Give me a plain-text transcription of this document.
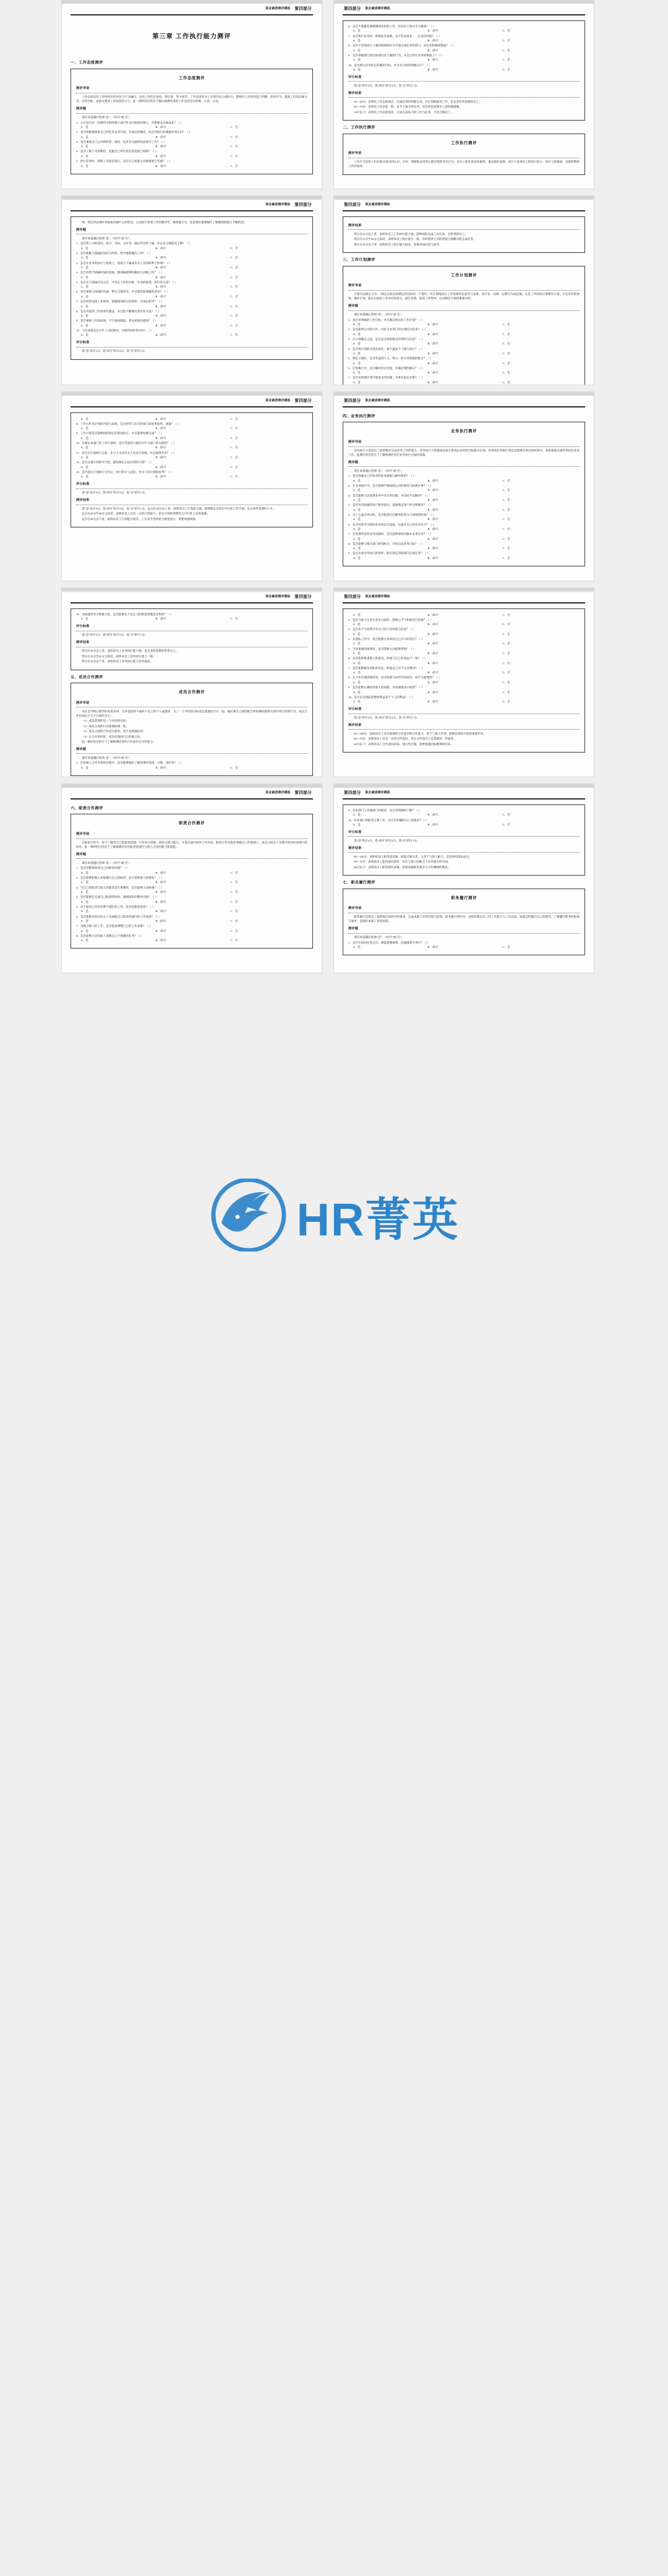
第四部分
职业素质测评模板
第三章 工作执行能力测评
一、工作态度测评
工作态度测评
测评导语

工作态度是对工作所持有的评价与行为倾向，包括工作的认真度、责任度、努力度等。工作态度作为工作的内在心理动力，影响对工作的知觉与判断、促进学习、提高工作的忍耐力等。这些功能，直接关系到工作绩效的大小。此一测评的目的在于确认被测评者的工作态度是否积极、认真、主动。

测评题

请在每道题后选择“是”、“尚可”或“否”。

1．心中是否有一位期待中的经理人或可作为目标的经理人，并想要充实地成长？（ ）

A．是	B．尚可	C．否

2．是否积极地探索自己的任务及其内容，并加以明确化，而且对执行的课题有所认识？（ ）

A．是	B．尚可	C．否

3．是否重视自己公司的经营、销售、技术等方面特性而展开工作？（ ）

A．是	B．尚可	C．否

4．是否了解上司的期待，把握自己所负责任的范围与权限？（ ）

A．是	B．尚可	C．否

5．执行任务时，即使上司没有指示，是否自己也能主动地推展与考核？（ ）

A．是	B．尚可	C．否
第四部分	职业素质测评模板

6．是否不逃避充满难题或负担的工作，反而以干劲并全力挑战？（ ）

A．是	B．尚可	C．否

7．是否执行任务时，即使发生困难，也不轻易放弃，一定坚持到底？（ ）

A．是	B．尚可	C．否

8．是否不会把执行上遇到的障碍作为不能完成任务的借口，而且有积极的想法？（ ）

A．是	B．尚可	C．否

9．是否掌握部门的实际情况及下属的行为，并且应用在业务的推展上？（ ）

A．是	B．尚可	C．否

10．是否建立任务执行的确切目标，并且有计划持续地实行？（ ）

A．是	B．尚可	C．否
评分标准

选“是”的计3分，选“尚可”的计2分，选“否”的计1分。

测评结果

26～30分：表明其工作态度端正，完成任务时积极主动，有计划地推进工作，是企业非常需要的员工。

45～70分：表明其工作态度一般，多半上属交待任务，但有时也需要有人适时地提醒。

10分以下：表明其工作态度很差，无法完成每天的工作与任务，不适合做员工。

二、工作执行测评
工作执行测评
测评导语

工作行为是将人们对职业意识的认识、评价、情感和态度等心理过程的外化行为，是员工职业意识的最终、最直接的表现。执行力是指员工的执行能力。执行力的强弱，直接影响到工作的成效。

第四部分
职业素质测评模板

颂，则无所表现时该说或该做什么时的话，主动进行各项工作的教评学，修改量行为，也是我们要理解许了解教授的能力予解的的。

测评题

请在每道题后选择“是”、“尚可”或“否”。

1．是否将上司的意向、指示、目标、方针等，确实传达给下属，并且充分地使其了解？（ ）

A．是	B．尚可	C．否

2．是否能配合部属的知识与经验，给予他想做的工作？（ ）

A．是	B．尚可	C．否

3．是否在业务的执行与进展上，重视与下属或有关人员的联系与协调？（ ）

A．是	B．尚可	C．否

4．是否有给予部属时间的宽裕，使部属能够积极而主动地工作？（ ）

A．是	B．尚可	C．否

5．是否在与部属讨论之后，才决定工作的分配、作业的标准、执行的方法？（ ）

A．是	B．尚可	C．否

6．是否重视与部属的沟通、相互交换意见，并且能听取部属的意见？（ ）

A．是	B．尚可	C．否

7．是否经常巡视工作现场，掌握现场的实际情形，并加以指导？（ ）

A．是	B．尚可	C．否

8．是否有提高工作效率的想法，并且能不断地改善作业方法？（ ）

A．是	B．尚可	C．否

9．是否重视工作的品质，不只重视数量，也注重质的提高？（ ）

A．是	B．尚可	C．否

10．工作成果是否合乎上司的期待，并能得到好的评价？（ ）

A．是	B．尚可	C．否
评分标准

选“是”的计3分，选“尚可”的计2分，选“否”的计1分。

第四部分	职业素质测评模板
测评结果

得分在25分以上者，表明该员工工作执行能力强，能够按时完成工作任务，是优秀的员工。

得分在15分至25分之间者，表明该员工执行能力一般，有时需要上司的督促与提醒才能完成任务。

得分在15分以下者，表明该员工执行能力很差，需要多加培训与指导。

三、工作计划测评
工作计划测评
测评导语

计划可以被定义为：“制定目标及预测达到目标的一个程序。”有计划地执行工作需要事先思考与安排，而不是一边做一边想行为或是做。凡是工作的执行都要有计划，才会有好的效果。做好计划，能在后面的工作中有的放矢，减少差错，提高工作效率，这是制定计划的重要目的。

测评题

请在每道题后选择“是”、“尚可”或“否”。

1．是否有明确的工作目标，并且制定相应的工作计划？（ ）

A．是	B．尚可	C．否

2．是否能将公司的方针、目标与本部门的计划结合起来？（ ）

A．是	B．尚可	C．否

3．在计划制定之前，是否充分收集相关的资料与信息？（ ）

A．是	B．尚可	C．否

4．是否将计划的内容具体化，使下属易于了解与执行？（ ）

A．是	B．尚可	C．否

5．制定计划时，是否考虑到人力、物力、财力等资源的配合？（ ）

A．是	B．尚可	C．否

6．计划执行中，是否随时检讨进度，并做必要的修正？（ ）

A．是	B．尚可	C．否

7．是否有预期计划可能发生的问题，并事先拟定对策？（ ）

A．是	B．尚可	C．否
第四部分
职业素质测评模板
A．是	B．尚可	C．否

8．工作方针及计划的内容与成果，是否经常与有关的部门和同事连络、商量？（ ）

A．是	B．尚可	C．否

9．工作计划是否能够按照预定的进度执行，并且能够如期完成？（ ）

A．是	B．尚可	C．否

10．在制定本部门的工作计划时，是否考虑到上级的方针与部门的关联性？（ ）

A．是	B．尚可	C．否

11．是否在计划执行之前，先与上司及有关人员充分沟通，并且取得共识？（ ）

A．是	B．尚可	C．否

12．是否注重计划的可行性，避免制定无法实现的计划？（ ）

A．是	B．尚可	C．否

13．是否能在计划执行完毕后，进行检讨与总结，作为下次计划的参考？（ ）

A．是	B．尚可	C．否
评分标准

选“是”的计3分，选“尚可”的计2分，选“否”的计1分。

测评结果

选“是”的计3分，选“尚可”的计2分，选“否”的计1分。总分在30分以上者，表明该员工计划能力强，能够制定出切实可行的工作计划，是企业所需要的人才。

总分在20分至30分之间者，表明该员工具有一定的计划能力，但在计划的周密性与可行性上还需加强。

总分在20分以下者，表明该员工计划能力较差，工作多半凭经验与感觉进行，需要加强训练。

第四部分	职业素质测评模板
四、业务执行测评
业务执行测评
测评导语

业务执行力是指员工按照要求完成业务工作的能力。业务执行力的强弱直接关系到企业经营目标能否实现。优秀的业务执行者总是能够在规定的时间内，高质量地完成所承担的业务工作。此测评的目的在于了解被测评者在业务执行方面的表现。

测评题

请在每道题后选择“是”、“尚可”或“否”。

1．是否熟悉自己所负责的业务流程与操作规范？（ ）

A．是	B．尚可	C．否

2．在业务执行中，是否能够严格按照公司的制度与标准办事？（ ）

A．是	B．尚可	C．否

3．是否能够主动发现业务中存在的问题，并及时予以解决？（ ）

A．是	B．尚可	C．否

4．是否具有较强的客户服务意识，能够满足客户的合理要求？（ ）

A．是	B．尚可	C．否

5．为了完成业务目标，是否愿意付出额外的努力与加班的时间？（ ）

A．是	B．尚可	C．否

6．是否经常学习新的业务知识与技能，以提升自己的业务水平？（ ）

A．是	B．尚可	C．否

7．在处理突发的业务问题时，是否能够保持冷静并妥善应对？（ ）

A．是	B．尚可	C．否

8．是否能够与相关部门密切配合，共同完成业务目标？（ ）

A．是	B．尚可	C．否

9．是否注重业务执行的效率，能在规定的时间内完成任务？（ ）

A．是	B．尚可	C．否
第四部分
职业素质测评模板

10．为加强营业力和最小化，是否能够在不良压力的防范措施是怎样的？（ ）

A．是	B．尚可	C．否
评分标准

选“是”的计3分，选“尚可”的计2分，选“否”的计1分。

测评结果

得分在25分以上者，表明该员工业务执行能力强，是企业所需要的优秀员工。

得分在15分至25分之间者，表明该员工业务执行能力一般。

得分在15分以下者，表明该员工业务执行能力有待提高。

五、成员合作测评
成员合作测评
测评导语

从社会学和心理学的角度来讲，合作是指两个或两个以上的个人或群体，为了一个共同的目标而自愿地结合在一起，通过相互之间的配合和协调而最终达到共同目的的行为。成员合作包括以下几个方面的含义：

（1）成员需要的是一个共同的目标；

（2）成员之间的行动需要协调一致；

（3）成员之间的合作是自愿的，而不是被强迫的；

（4）在合作的同时，成员应保持自己的独立性。

此一测评的目的在于了解被测评者的合作意识与合作能力。

测评题

请在每道题后选择“是”、“尚可”或“否”。

1．在和他人合作共事的过程中，是否能够做好了解同事的性格、习惯、喜好等？（ ）

A．是	B．尚可	C．否
第四部分	职业素质测评模板
A．是	B．尚可	C．否

2．是否与他人在发生意见分歧时，能够心平气和地进行沟通？（ ）

A．是	B．尚可	C．否

3．是否乐于与同事分享自己的工作经验与信息？（ ）

A．是	B．尚可	C．否

4．在团队工作中，是否能够主动承担自己应尽的责任？（ ）

A．是	B．尚可	C．否

5．当同事遇到困难时，是否能够主动提供帮助？（ ）

A．是	B．尚可	C．否

6．是否能够尊重他人的意见，即使与自己的看法不一致？（ ）

A．是	B．尚可	C．否

7．是否能够服从团队的决定，即使自己并不完全赞同？（ ）

A．是	B．尚可	C．否

8．在合作中遇到挫折时，是否能够与同伴共同面对，而不互相埋怨？（ ）

A．是	B．尚可	C．否

9．是否能够正确看待他人的成绩，并真诚地表示祝贺？（ ）

A．是	B．尚可	C．否

10．是否认为团队的整体利益高于个人的利益？（ ）

A．是	B．尚可	C．否
评分标准

选“是”的计3分，选“尚可”的计2分，选“否”的计1分。

测评结果

80～100分：表明该员工具有很强的合作意识和合作能力，善于与他人共事，能够在团队中发挥重要作用。

60～79分：表明该员工具有一定的合作意识，但在合作技巧上还需要进一步提高。

60分以下：表明该员工合作意识较弱，独立性过强，需要加强团队精神的培养。

第四部分
职业素质测评模板
六、职责合作测评
职责合作测评
测评导语

在职责合作中，每个人都有自己的职责范围，只有各司其职，同时又相互配合，才能完成共同的工作目标。职责合作是指在明确分工的基础上，成员之间为了实现共同目标而进行的协作。此一测评的目的在于了解被测评者在职责范围内与他人合作的能力和意愿。

测评题

请在每道题后选择“是”、“尚可”或“否”。

1．是否清楚地知道自己的职责范围？（ ）

A．是	B．尚可	C．否

2．是否能够积极主动地履行自己的职责，而不需要他人的督促？（ ）

A．是	B．尚可	C．否

3．当自己的职责与他人的职责发生重叠时，是否能够主动协调？（ ）

A．是	B．尚可	C．否

4．是否能够在完成自己职责的同时，兼顾团队的整体目标？（ ）

A．是	B．尚可	C．否

5．对于职责之外但有利于团队的工作，是否也愿意承担？（ ）

A．是	B．尚可	C．否

6．是否能够及时向有关人员通报自己职责范围内的工作进展？（ ）

A．是	B．尚可	C．否

7．为配合他人的工作，是否愿意调整自己的工作安排？（ ）

A．是	B．尚可	C．否

8．是否能够主动向他人请教自己不熟悉的业务？（ ）

A．是	B．尚可	C．否
第四部分	职业素质测评模板

9．对本部门与其他部门的职责，是否有明确的了解？（ ）

A．是	B．尚可	C．否

10．对本部门的职责主要工作，是否有明确的分工安排表？（ ）

A．是	B．尚可	C．否
评分标准

选“是”的计3分，选“尚可”的计2分，选“否”的计1分。

测评结果

80～100分：表明该员工职责意识强，既能尽职尽责，又善于与他人配合，是优秀的团队成员。

60～79分：表明该员工职责意识较好，但在与他人的配合上还有提升的空间。

60分以下：表明该员工职责意识淡薄，需要加强职责观念与合作精神的教育。

七、职员履行测评
职务履行测评
测评导语

职务履行是指员工按照岗位说明书的要求，完成本职工作的过程与结果。职务履行的好坏，直接反映出员工的工作能力与工作态度。知道怎样履行自己的职务，了解履行职务的标准与要求，是做好本职工作的前提。

测评题

请在每道题后选择“是”、“尚可”或“否”。

1．是否在接到任务之后，即能掌握要领，迅速地着手进行？（ ）

A．是	B．尚可	C．否
HR菁英
